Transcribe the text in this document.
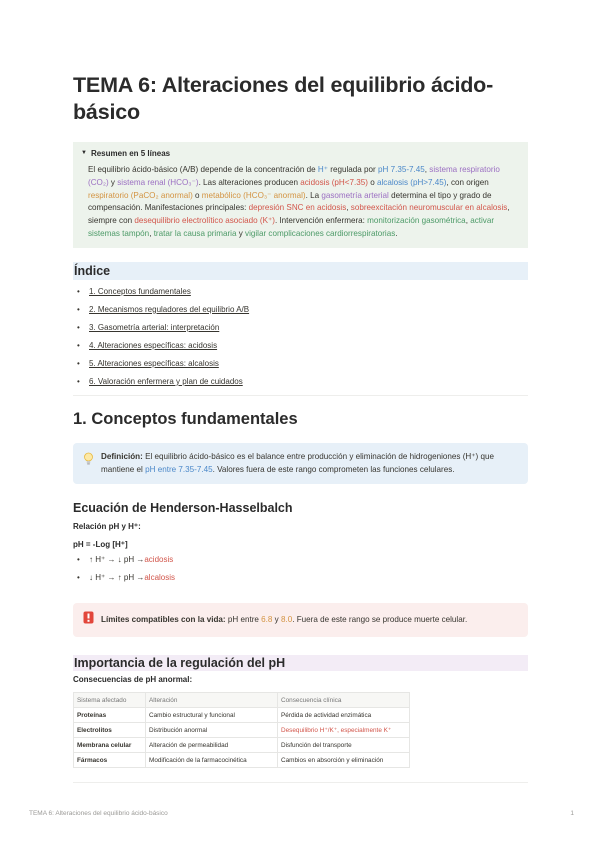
TEMA 6: Alteraciones del equilibrio ácido-básico
▼ Resumen en 5 líneas
El equilibrio ácido-básico (A/B) depende de la concentración de H⁺ regulada por pH 7.35-7.45, sistema respiratorio (CO₂) y sistema renal (HCO₃⁻). Las alteraciones producen acidosis (pH<7.35) o alcalosis (pH>7.45), con origen respiratorio (PaCO₂ anormal) o metabólico (HCO₃⁻ anormal). La gasometría arterial determina el tipo y grado de compensación. Manifestaciones principales: depresión SNC en acidosis, sobreexcitación neuromuscular en alcalosis, siempre con desequilibrio electrolítico asociado (K⁺). Intervención enfermera: monitorización gasométrica, activar sistemas tampón, tratar la causa primaria y vigilar complicaciones cardiorrespiratorias.
Índice
•	1. Conceptos fundamentales
•	2. Mecanismos reguladores del equilibrio A/B
•	3. Gasometría arterial: interpretación
•	4. Alteraciones específicas: acidosis
•	5. Alteraciones específicas: alcalosis
•	6. Valoración enfermera y plan de cuidados
1. Conceptos fundamentales
Definición: El equilibrio ácido-básico es el balance entre producción y eliminación de hidrogeniones (H⁺) que mantiene el pH entre 7.35-7.45. Valores fuera de este rango comprometen las funciones celulares.
Ecuación de Henderson-Hasselbalch
Relación pH y H⁺:
pH = -Log [H⁺]
•	↑ H⁺ → ↓ pH → acidosis
•	↓ H⁺ → ↑ pH → alcalosis
Límites compatibles con la vida: pH entre 6.8 y 8.0. Fuera de este rango se produce muerte celular.
Importancia de la regulación del pH
Consecuencias de pH anormal:
Sistema afectado	Alteración	Consecuencia clínica
Proteínas	Cambio estructural y funcional	Pérdida de actividad enzimática
Electrolitos	Distribución anormal	Desequilibrio H⁺/K⁺, especialmente K⁺
Membrana celular	Alteración de permeabilidad	Disfunción del transporte
Fármacos	Modificación de la farmacocinética	Cambios en absorción y eliminación
TEMA 6: Alteraciones del equilibrio ácido-básico	1
